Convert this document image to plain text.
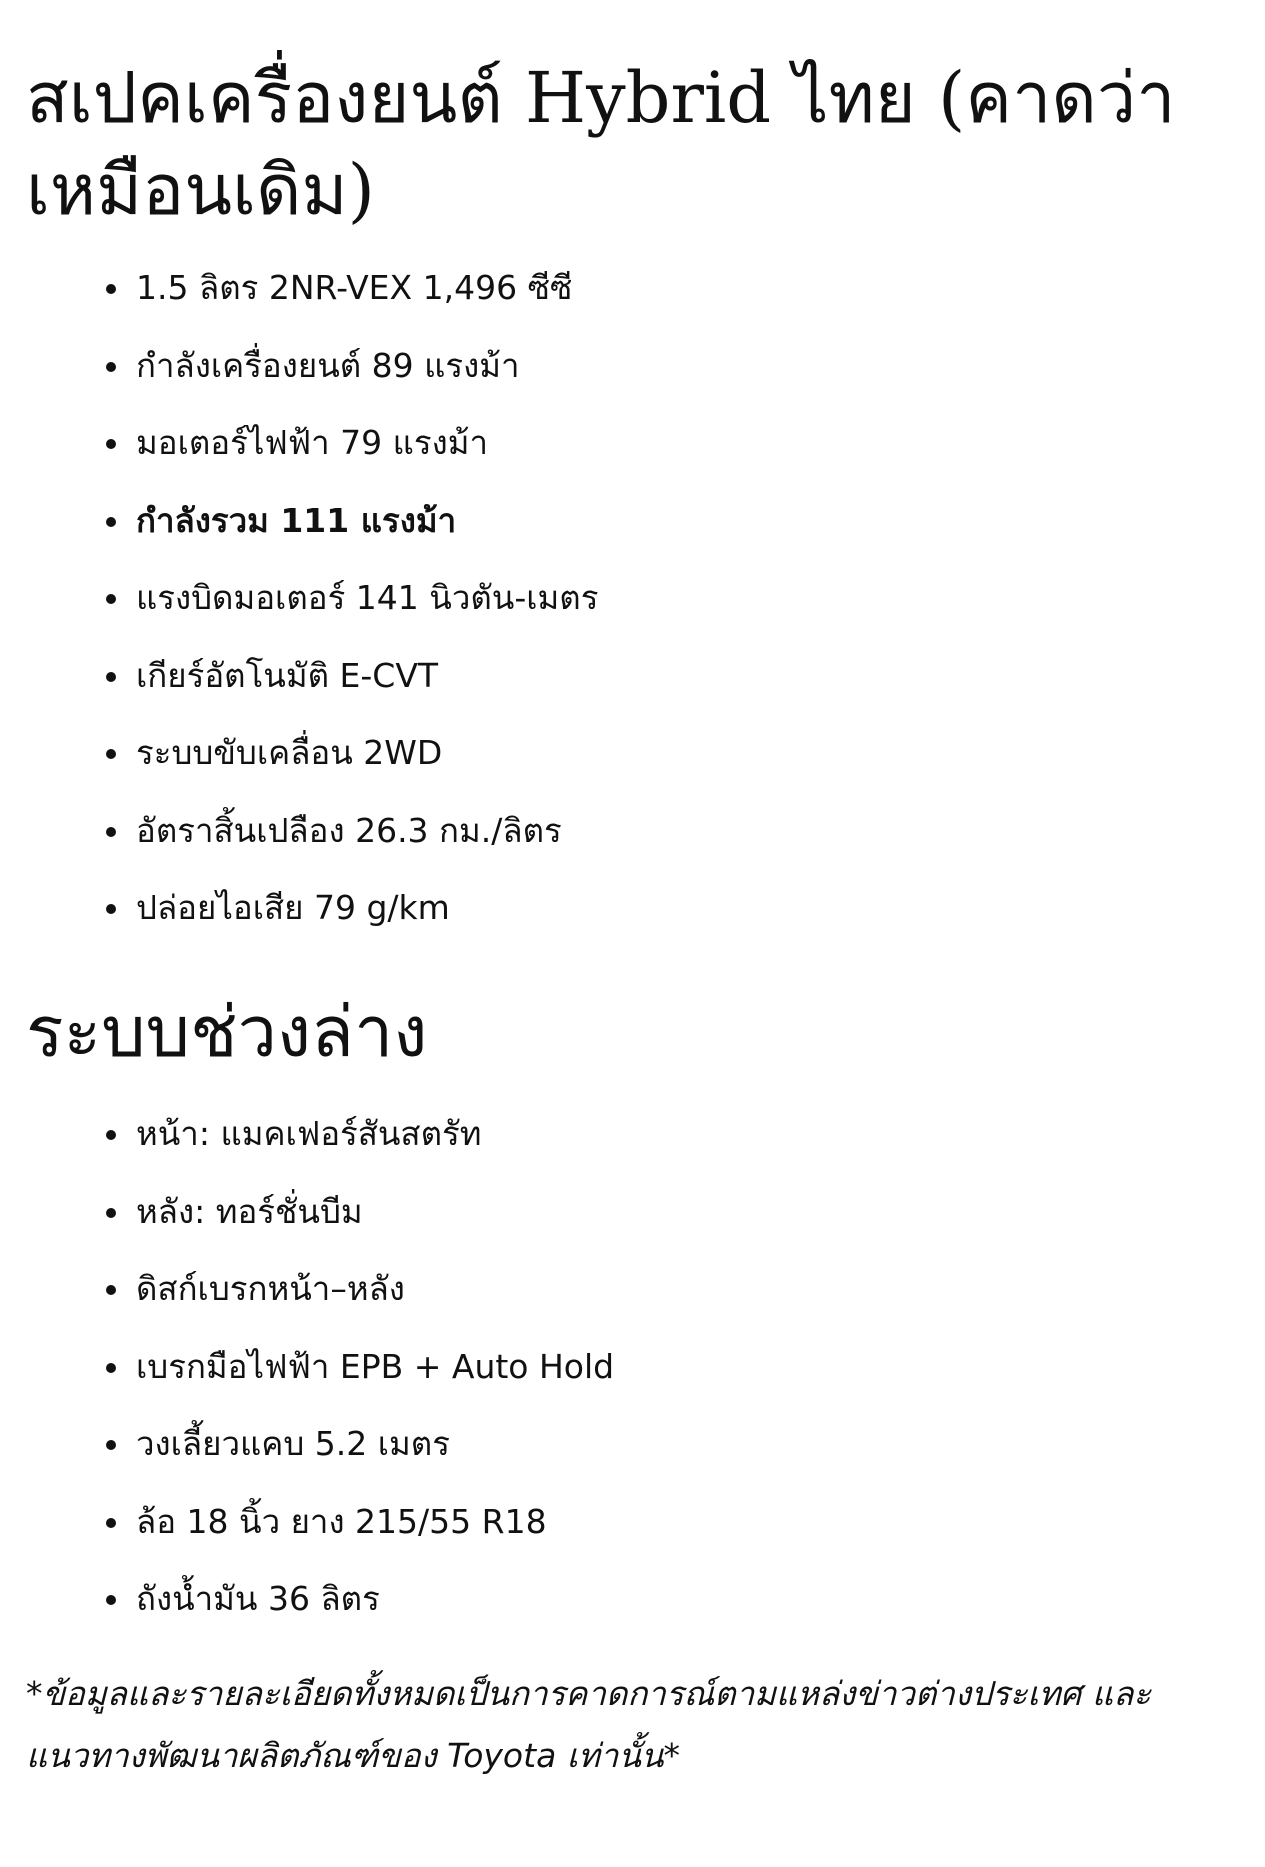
สเปคเครื่องยนต์ Hybrid ไทย (คาดว่าเหมือนเดิม)
1.5 ลิตร 2NR-VEX 1,496 ซีซี
กำลังเครื่องยนต์ 89 แรงม้า
มอเตอร์ไฟฟ้า 79 แรงม้า
กำลังรวม 111 แรงม้า
แรงบิดมอเตอร์ 141 นิวตัน-เมตร
เกียร์อัตโนมัติ E-CVT
ระบบขับเคลื่อน 2WD
อัตราสิ้นเปลือง 26.3 กม./ลิตร
ปล่อยไอเสีย 79 g/km
ระบบช่วงล่าง
หน้า: แมคเฟอร์สันสตรัท
หลัง: ทอร์ชั่นบีม
ดิสก์เบรกหน้า–หลัง
เบรกมือไฟฟ้า EPB + Auto Hold
วงเลี้ยวแคบ 5.2 เมตร
ล้อ 18 นิ้ว ยาง 215/55 R18
ถังน้ำมัน 36 ลิตร

*ข้อมูลและรายละเอียดทั้งหมดเป็นการคาดการณ์ตามแหล่งข่าวต่างประเทศ และแนวทางพัฒนาผลิตภัณฑ์ของ Toyota เท่านั้น*
